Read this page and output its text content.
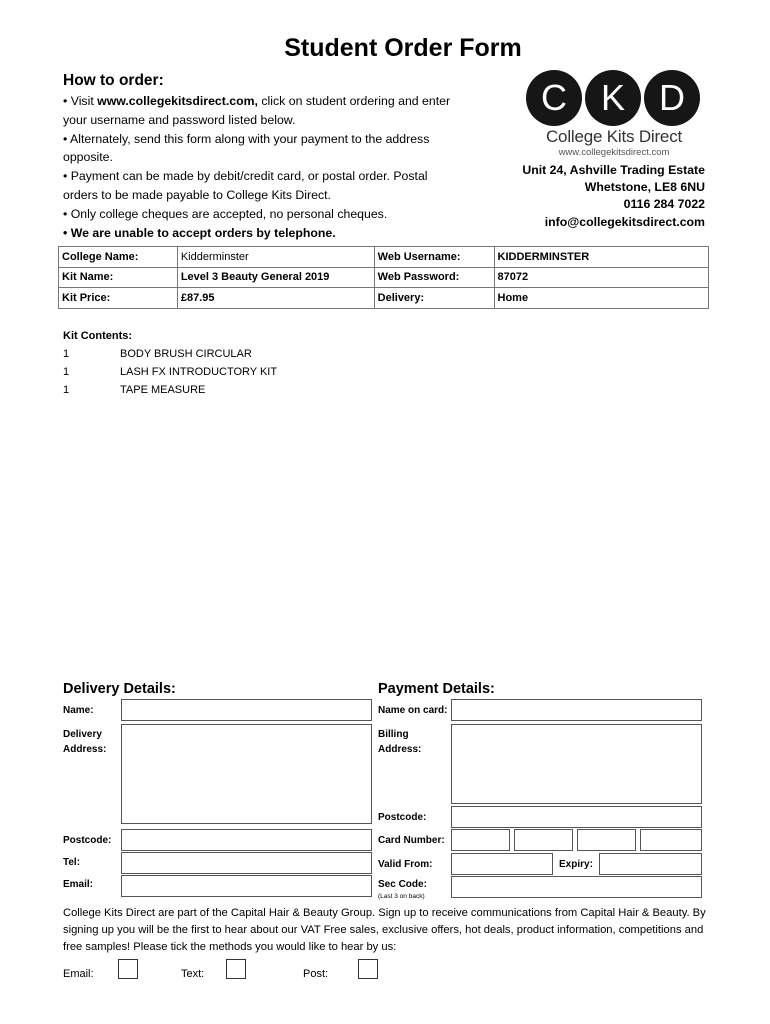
Student Order Form
How to order:

• Visit www.collegekitsdirect.com, click on student ordering and enter your username and password listed below.

• Alternately, send this form along with your payment to the address opposite.

• Payment can be made by debit/credit card, or postal order. Postal orders to be made payable to College Kits Direct.

• Only college cheques are accepted, no personal cheques.

• We are unable to accept orders by telephone.

C K D
College Kits Direct
www.collegekitsdirect.com
Unit 24, Ashville Trading Estate
Whetstone, LE8 6NU
0116 284 7022
info@collegekitsdirect.com
College Name:	Kidderminster	Web Username:	KIDDERMINSTER
Kit Name:	Level 3 Beauty General 2019	Web Password:	87072
Kit Price:	£87.95	Delivery:	Home
Kit Contents:
1	BODY BRUSH CIRCULAR
1	LASH FX INTRODUCTORY KIT
1	TAPE MEASURE
Delivery Details:
Name:
Delivery
Address:
Postcode:
Tel:
Email:
Payment Details:
Name on card:
Billing
Address:
Postcode:
Card Number:
Valid From:	Expiry:
Sec Code:
(Last 3 on back)
College Kits Direct are part of the Capital Hair & Beauty Group. Sign up to receive communications from Capital Hair & Beauty. By signing up you will be the first to hear about our VAT Free sales, exclusive offers, hot deals, product information, competitions and free samples! Please tick the methods you would like to hear by us:
Email:	Text:	Post:
